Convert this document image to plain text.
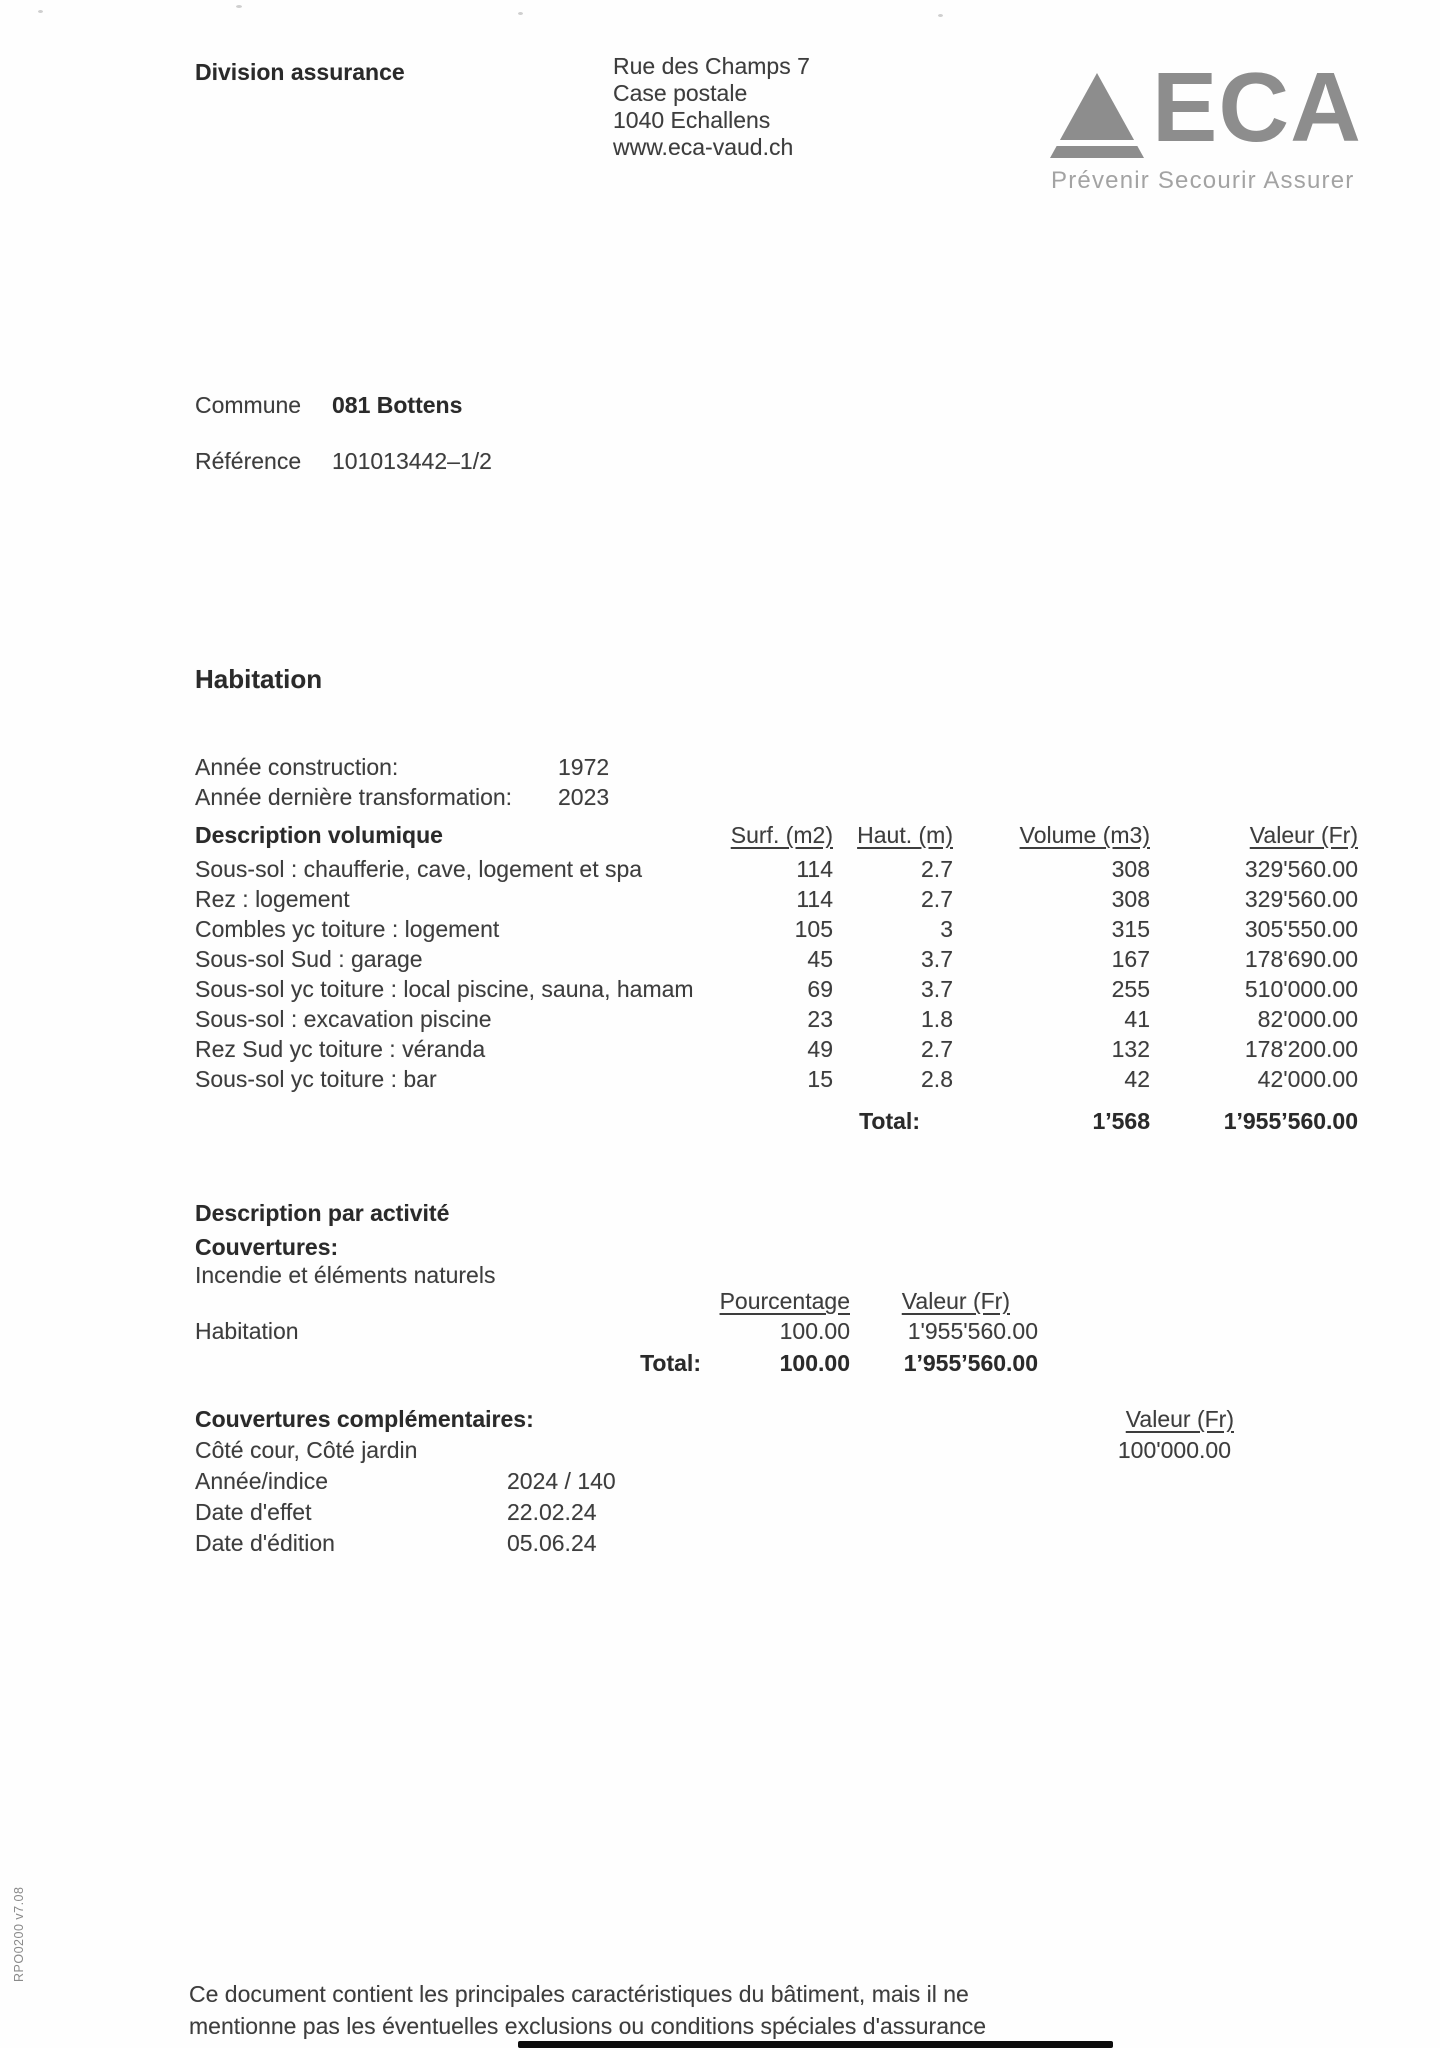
Division assurance	Rue des Champs 7
Case postale
1040 Echallens
www.eca-vaud.ch	ECA
Prévenir Secourir Assurer
Commune	081 Bottens
Référence	101013442–1/2
Habitation
Année construction:	1972
Année dernière transformation:	2023
Description volumique	Surf. (m2)	Haut. (m)	Volume (m3)	Valeur (Fr)
Sous-sol : chaufferie, cave, logement et spa	114	2.7	308	329'560.00
Rez : logement	114	2.7	308	329'560.00
Combles yc toiture : logement	105	3	315	305'550.00
Sous-sol Sud : garage	45	3.7	167	178'690.00
Sous-sol yc toiture : local piscine, sauna, hamam	69	3.7	255	510'000.00
Sous-sol : excavation piscine	23	1.8	41	82'000.00
Rez Sud yc toiture : véranda	49	2.7	132	178'200.00
Sous-sol yc toiture : bar	15	2.8	42	42'000.00
Total:	1’568	1’955’560.00
Description par activité
Couvertures:
Incendie et éléments naturels
Pourcentage	Valeur (Fr)
Habitation	100.00	1'955'560.00
Total:	100.00	1’955’560.00
Couvertures complémentaires:	Valeur (Fr)
Côté cour, Côté jardin	100'000.00
Année/indice	2024 / 140
Date d'effet	22.02.24
Date d'édition	05.06.24
Ce document contient les principales caractéristiques du bâtiment, mais il ne
mentionne pas les éventuelles exclusions ou conditions spéciales d'assurance
RPO0200 v7.08
